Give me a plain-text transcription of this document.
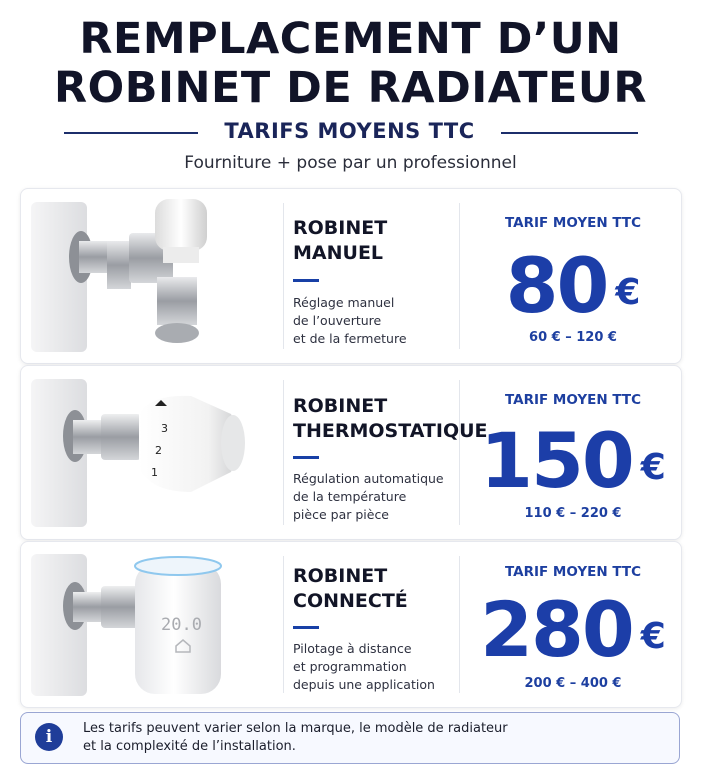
REMPLACEMENT D’UN
ROBINET DE RADIATEUR
TARIFS MOYENS TTC
Fourniture + pose par un professionnel
ROBINET
MANUEL
Réglage manuel
de l’ouverture
et de la fermeture
TARIF MOYEN TTC
80 €
60 € – 120 €
1
2
3
ROBINET
THERMOSTATIQUE
Régulation automatique
de la température
pièce par pièce
TARIF MOYEN TTC
150 €
110 € – 220 €
20.0
ROBINET
CONNECTÉ
Pilotage à distance
et programmation
depuis une application
TARIF MOYEN TTC
280 €
200 € – 400 €
i	Les tarifs peuvent varier selon la marque, le modèle de radiateur
et la complexité de l’installation.
